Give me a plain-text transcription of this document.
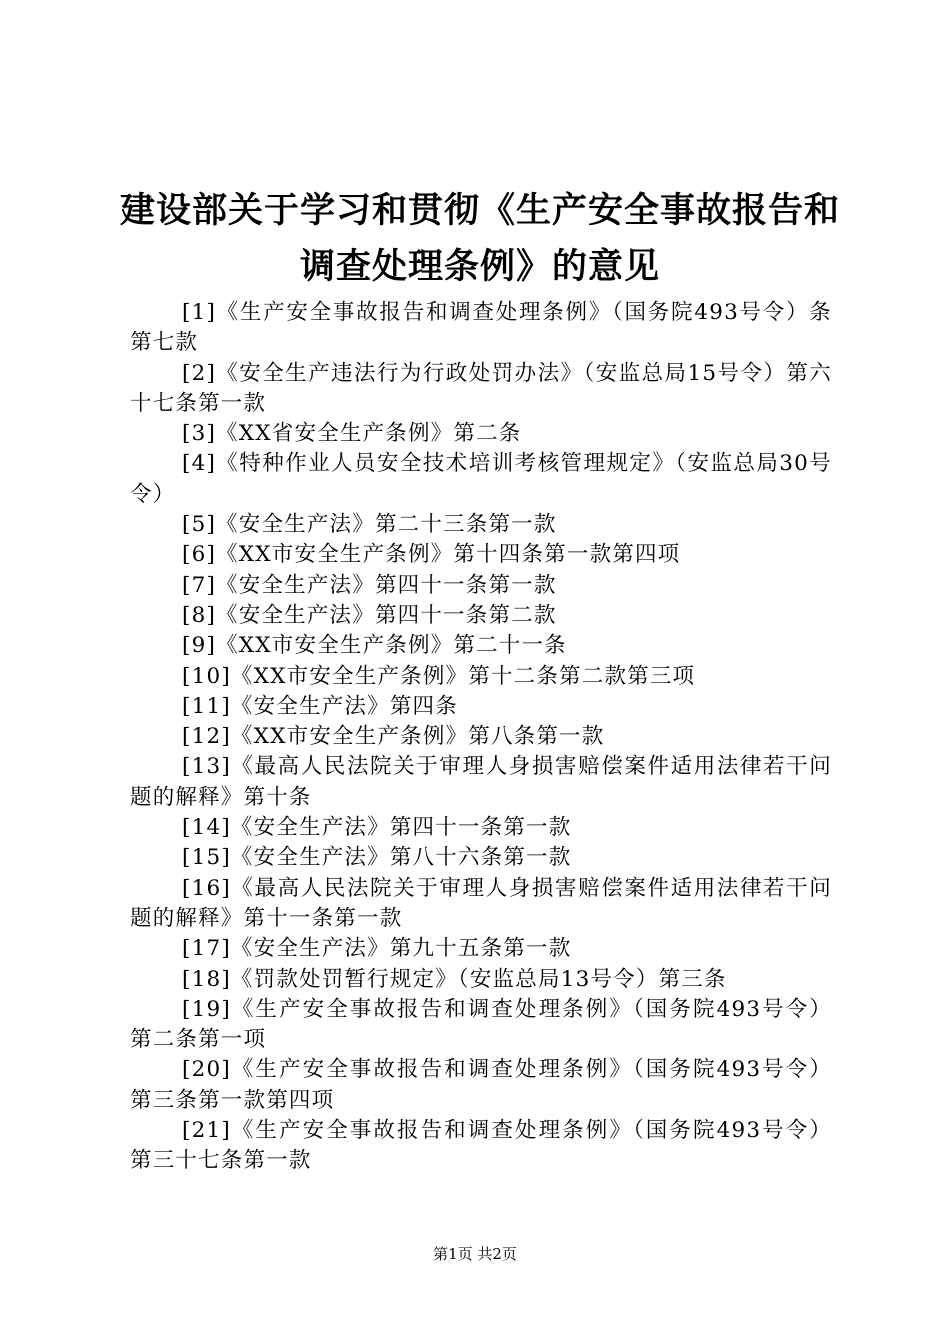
建设部关于学习和贯彻《生产安全事故报告和
调查处理条例》的意见
[1]《生产安全事故报告和调查处理条例》（国务院493号令）条第七款
[2]《安全生产违法行为行政处罚办法》（安监总局15号令）第六十七条第一款
[3]《XX省安全生产条例》第二条
[4]《特种作业人员安全技术培训考核管理规定》（安监总局30号令）
[5]《安全生产法》第二十三条第一款
[6]《XX市安全生产条例》第十四条第一款第四项
[7]《安全生产法》第四十一条第一款
[8]《安全生产法》第四十一条第二款
[9]《XX市安全生产条例》第二十一条
[10]《XX市安全生产条例》第十二条第二款第三项
[11]《安全生产法》第四条
[12]《XX市安全生产条例》第八条第一款
[13]《最高人民法院关于审理人身损害赔偿案件适用法律若干问题的解释》第十条
[14]《安全生产法》第四十一条第一款
[15]《安全生产法》第八十六条第一款
[16]《最高人民法院关于审理人身损害赔偿案件适用法律若干问题的解释》第十一条第一款
[17]《安全生产法》第九十五条第一款
[18]《罚款处罚暂行规定》（安监总局13号令）第三条
[19]《生产安全事故报告和调查处理条例》（国务院493号令）第二条第一项
[20]《生产安全事故报告和调查处理条例》（国务院493号令）第三条第一款第四项
[21]《生产安全事故报告和调查处理条例》（国务院493号令）第三十七条第一款
第1页 共2页
